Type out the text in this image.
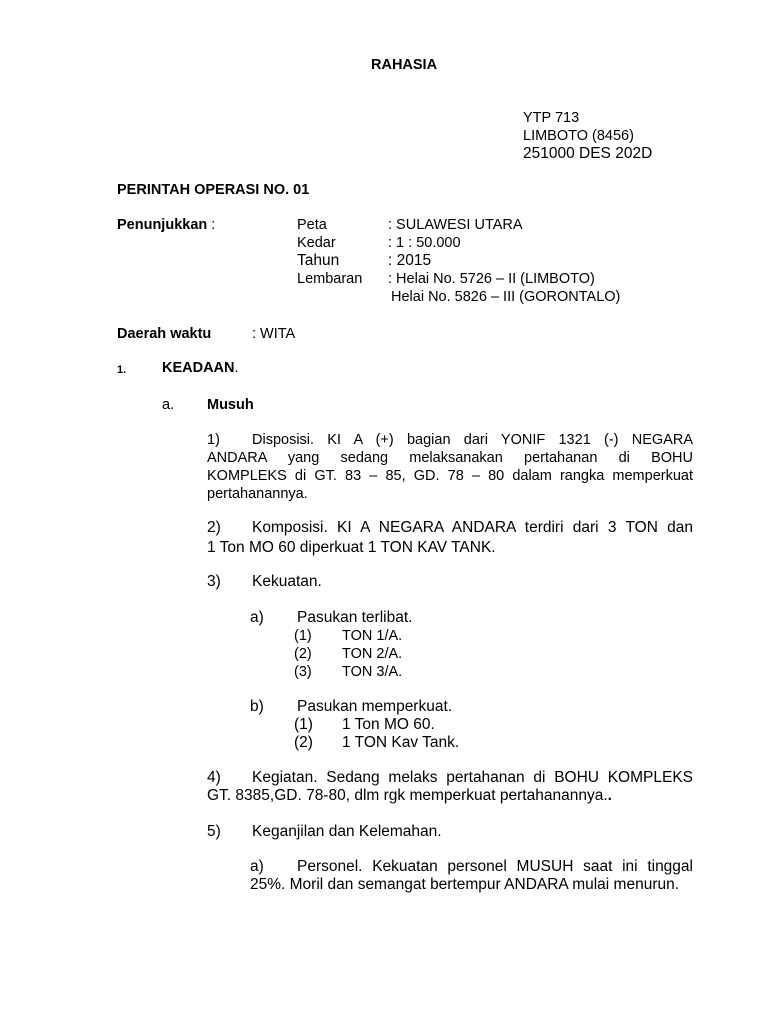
RAHASIA
YTP 713
LIMBOTO (8456)
251000 DES 202D
PERINTAH OPERASI NO. 01
Penunjukkan :	Peta	: SULAWESI UTARA
Kedar	: 1 : 50.000
Tahun	: 2015
Lembaran : Helai No. 5726 – II (LIMBOTO)
Helai No. 5826 – III (GORONTALO)
Daerah waktu	: WITA
1. KEADAAN.
a. Musuh
1)	Disposisi. KI A (+) bagian dari YONIF 1321 (-) NEGARA
ANDARA yang sedang melaksanakan pertahanan di BOHU
KOMPLEKS di GT. 83 – 85, GD. 78 – 80 dalam rangka memperkuat
pertahanannya.
2)	Komposisi. KI A NEGARA ANDARA terdiri dari 3 TON dan
1 Ton MO 60 diperkuat 1 TON KAV TANK.
3) Kekuatan.
a) Pasukan terlibat.
(1) TON 1/A.
(2) TON 2/A.
(3) TON 3/A.
b) Pasukan memperkuat.
(1) 1 Ton MO 60.
(2) 1 TON Kav Tank.
4)	Kegiatan. Sedang melaks pertahanan di BOHU KOMPLEKS
GT. 8385,GD. 78-80, dlm rgk memperkuat pertahanannya..
5) Keganjilan dan Kelemahan.
a)	Personel. Kekuatan personel MUSUH saat ini tinggal
25%. Moril dan semangat bertempur ANDARA mulai menurun.
